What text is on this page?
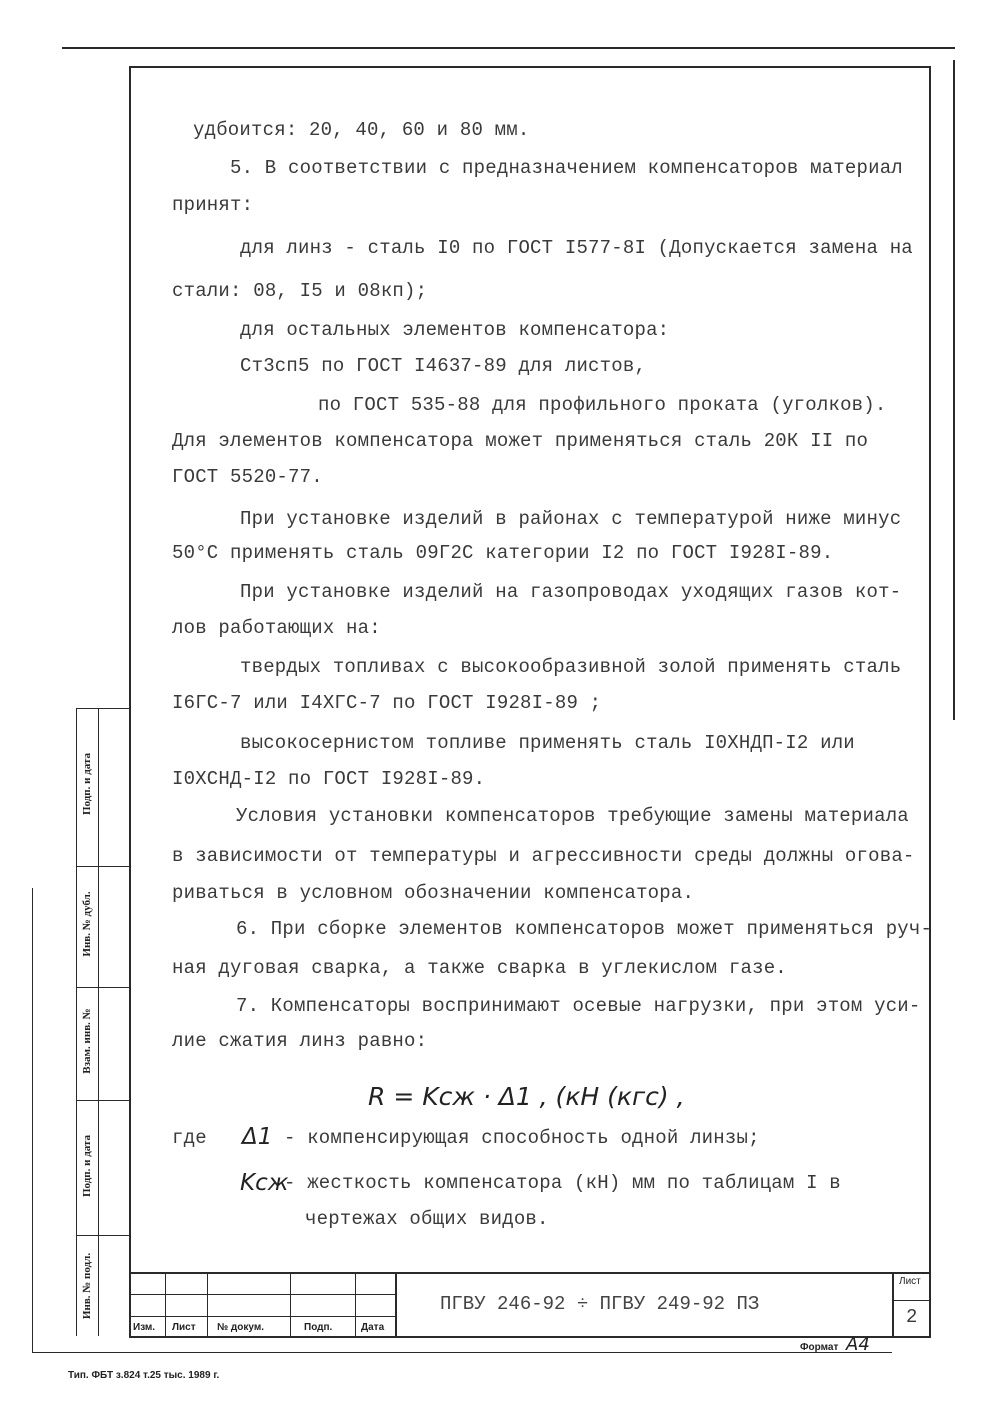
Подп. и дата
Инв. № дубл.
Взам. инв. №
Подп. и дата
Инв. № подл.
удбоится: 20, 40, 60 и 80 мм.
5. В соответствии с предназначением компенсаторов материал
принят:
для линз - сталь I0 по ГОСТ I577-8I (Допускается замена на
стали: 08, I5 и 08кп);
для остальных элементов компенсатора:
Ст3сп5 по ГОСТ I4637-89 для листов,
по ГОСТ 535-88 для профильного проката (уголков).
Для элементов компенсатора может применяться сталь 20К II по
ГОСТ 5520-77.
При установке изделий в районах с температурой ниже минус
50°С применять сталь 09Г2С категории I2 по ГОСТ I928I-89.
При установке изделий на газопроводах уходящих газов кот-
лов работающих на:
твердых топливах с высокообразивной золой применять сталь
I6ГС-7 или I4ХГС-7 по ГОСТ I928I-89 ;
высокосернистом топливе применять сталь I0ХНДП-I2 или
I0ХСНД-I2 по ГОСТ I928I-89.
Условия установки компенсаторов требующие замены материала
в зависимости от температуры и агрессивности среды должны огова-
риваться в условном обозначении компенсатора.
6. При сборке элементов компенсаторов может применяться руч-
ная дуговая сварка, а также сварка в углекислом газе.
7. Компенсаторы воспринимают осевые нагрузки, при этом уси-
лие сжатия линз равно:
R = Kсж · Δ1 , (кН (кгс) ,
где Δ1 - компенсирующая способность одной линзы;
Kсж
- жесткость компенсатора (кН) мм по таблицам I в
чертежах общих видов.
Изм. Лист № докум.	Подп.	Дата
ПГВУ 246-92 ÷ ПГВУ 249-92 ПЗ
Лист
2
Формат А4
Тип. ФБТ з.824 т.25 тыс. 1989 г.
